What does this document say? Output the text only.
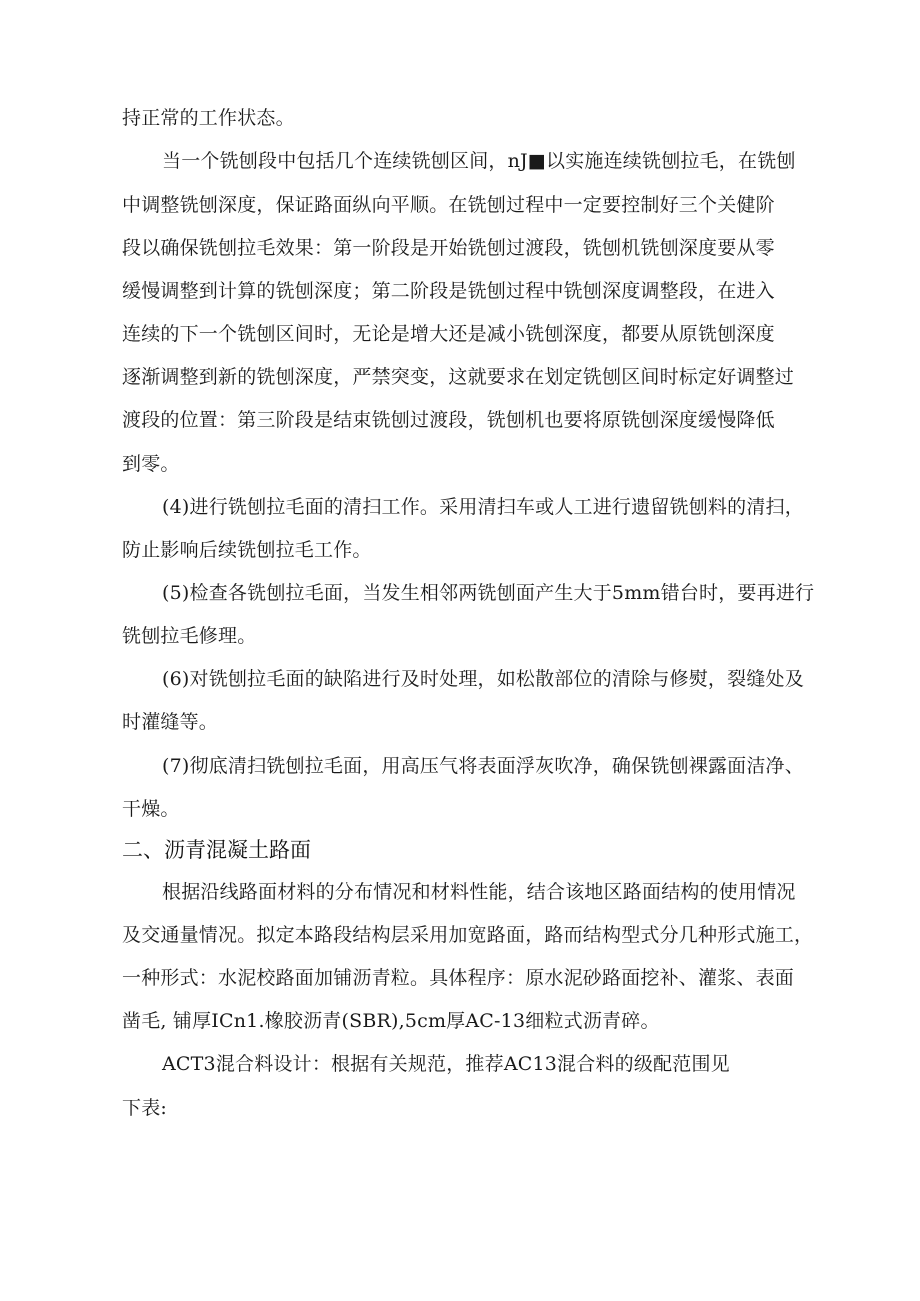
持正常的工作状态。
当一个铣刨段中包括几个连续铣刨区间，nJ■以实施连续铣刨拉毛，在铣刨
中调整铣刨深度，保证路面纵向平顺。在铣刨过程中一定要控制好三个关健阶
段以确保铣刨拉毛效果：第一阶段是开始铣刨过渡段，铣刨机铣刨深度要从零
缓慢调整到计算的铣刨深度；第二阶段是铣刨过程中铣刨深度调整段，在进入
连续的下一个铣刨区间时，无论是增大还是减小铣刨深度，都要从原铣刨深度
逐渐调整到新的铣刨深度，严禁突变，这就要求在划定铣刨区间时标定好调整过
渡段的位置：第三阶段是结束铣刨过渡段，铣刨机也要将原铣刨深度缓慢降低
到零。
(4)进行铣刨拉毛面的清扫工作。采用清扫车或人工进行遗留铣刨料的清扫，
防止影响后续铣刨拉毛工作。
(5)检查各铣刨拉毛面，当发生相邻两铣刨面产生大于5mm错台时，要再进行
铣刨拉毛修理。
(6)对铣刨拉毛面的缺陷进行及时处理，如松散部位的清除与修熨，裂缝处及
时灌缝等。
(7)彻底清扫铣刨拉毛面，用高压气将表面浮灰吹净，确保铣刨裸露面洁净、
干燥。
二、沥青混凝土路面
根据沿线路面材料的分布情况和材料性能，结合该地区路面结构的使用情况
及交通量情况。拟定本路段结构层采用加宽路面，路而结构型式分几种形式施工，
一种形式：水泥校路面加铺沥青粒。具体程序：原水泥砂路面挖补、灌浆、表面
凿毛, 铺厚ICn1.橡胶沥青(SBR),5cm厚AC-13细粒式沥青碎。
ACT3混合料设计：根据有关规范，推荐AC13混合料的级配范围见
下表:
